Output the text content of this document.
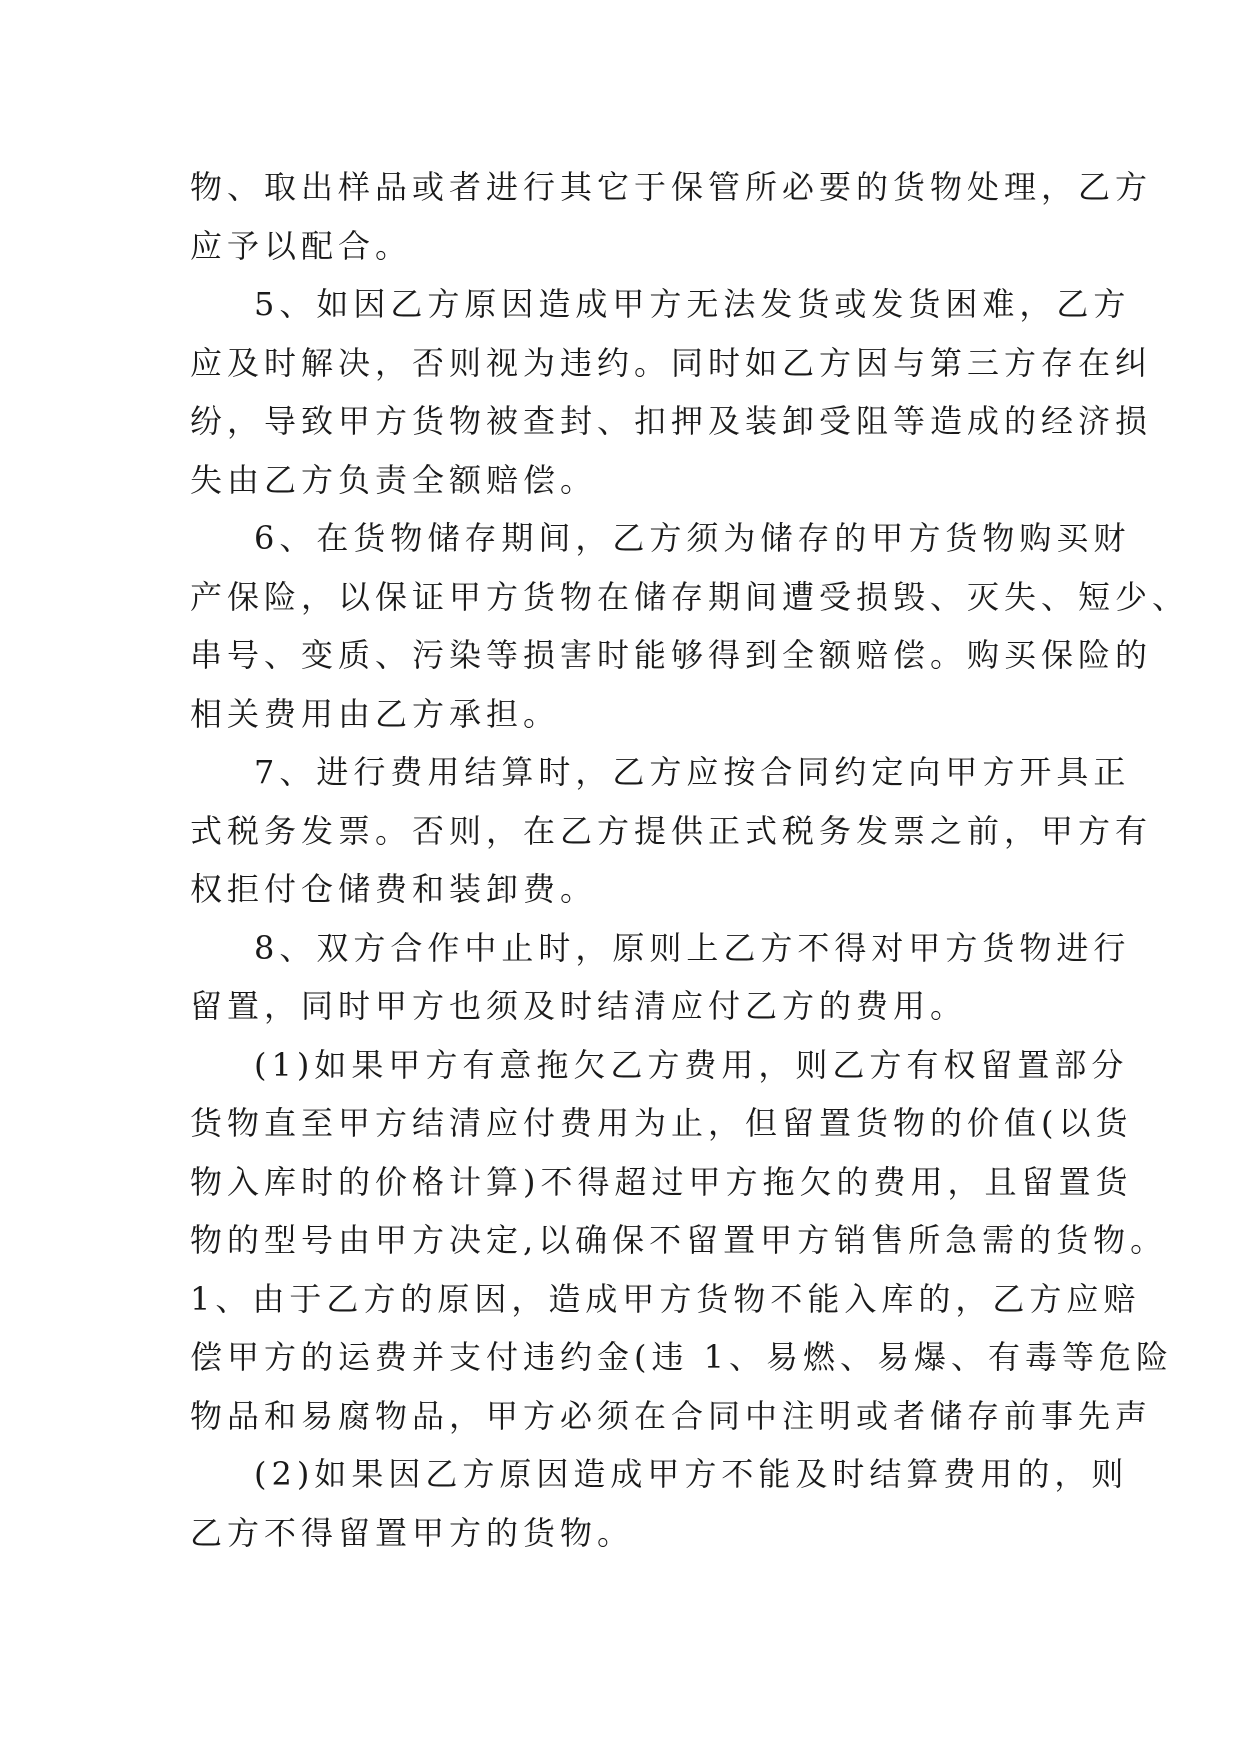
物、取出样品或者进行其它于保管所必要的货物处理，乙方
应予以配合。
5、如因乙方原因造成甲方无法发货或发货困难，乙方
应及时解决，否则视为违约。同时如乙方因与第三方存在纠
纷，导致甲方货物被查封、扣押及装卸受阻等造成的经济损
失由乙方负责全额赔偿。
6、在货物储存期间，乙方须为储存的甲方货物购买财
产保险，以保证甲方货物在储存期间遭受损毁、灭失、短少、
串号、变质、污染等损害时能够得到全额赔偿。购买保险的
相关费用由乙方承担。
7、进行费用结算时，乙方应按合同约定向甲方开具正
式税务发票。否则，在乙方提供正式税务发票之前，甲方有
权拒付仓储费和装卸费。
8、双方合作中止时，原则上乙方不得对甲方货物进行
留置，同时甲方也须及时结清应付乙方的费用。
(1)如果甲方有意拖欠乙方费用，则乙方有权留置部分
货物直至甲方结清应付费用为止，但留置货物的价值(以货
物入库时的价格计算)不得超过甲方拖欠的费用，且留置货
物的型号由甲方决定,以确保不留置甲方销售所急需的货物。
1、由于乙方的原因，造成甲方货物不能入库的，乙方应赔
偿甲方的运费并支付违约金(违 1、易燃、易爆、有毒等危险
物品和易腐物品，甲方必须在合同中注明或者储存前事先声
(2)如果因乙方原因造成甲方不能及时结算费用的，则
乙方不得留置甲方的货物。
